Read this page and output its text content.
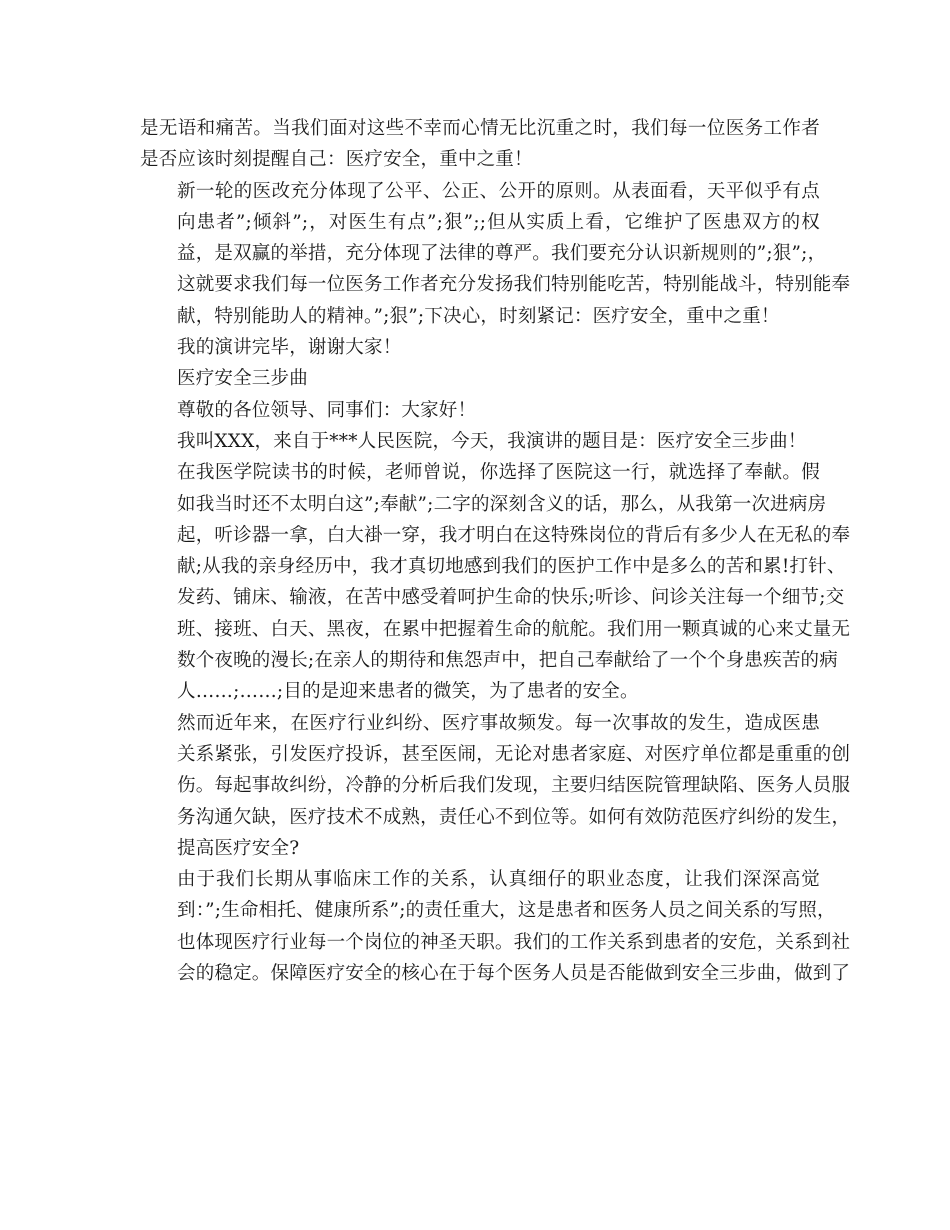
是无语和痛苦。当我们面对这些不幸而心情无比沉重之时，我们每一位医务工作者
是否应该时刻提醒自己：医疗安全，重中之重！
新一轮的医改充分体现了公平、公正、公开的原则。从表面看，天平似乎有点
向患者”;倾斜”;，对医生有点”;狠”;;但从实质上看，它维护了医患双方的权
益，是双赢的举措，充分体现了法律的尊严。我们要充分认识新规则的”;狠”;，
这就要求我们每一位医务工作者充分发扬我们特别能吃苦，特别能战斗，特别能奉
献，特别能助人的精神。”;狠”;下决心，时刻紧记：医疗安全，重中之重！
我的演讲完毕，谢谢大家！
医疗安全三步曲
尊敬的各位领导、同事们：大家好！
我叫XXX，来自于***人民医院，今天，我演讲的题目是：医疗安全三步曲！
在我医学院读书的时候，老师曾说，你选择了医院这一行，就选择了奉献。假
如我当时还不太明白这”;奉献”;二字的深刻含义的话，那么，从我第一次进病房
起，听诊器一拿，白大褂一穿，我才明白在这特殊岗位的背后有多少人在无私的奉
献;从我的亲身经历中，我才真切地感到我们的医护工作中是多么的苦和累!打针、
发药、铺床、输液，在苦中感受着呵护生命的快乐;听诊、问诊关注每一个细节;交
班、接班、白天、黑夜，在累中把握着生命的航舵。我们用一颗真诚的心来丈量无
数个夜晚的漫长;在亲人的期待和焦怨声中，把自己奉献给了一个个身患疾苦的病
人……;……;目的是迎来患者的微笑，为了患者的安全。
然而近年来，在医疗行业纠纷、医疗事故频发。每一次事故的发生，造成医患
关系紧张，引发医疗投诉，甚至医闹，无论对患者家庭、对医疗单位都是重重的创
伤。每起事故纠纷，冷静的分析后我们发现，主要归结医院管理缺陷、医务人员服
务沟通欠缺，医疗技术不成熟，责任心不到位等。如何有效防范医疗纠纷的发生，
提高医疗安全?
由于我们长期从事临床工作的关系，认真细仔的职业态度，让我们深深高觉
到：”;生命相托、健康所系”;的责任重大，这是患者和医务人员之间关系的写照，
也体现医疗行业每一个岗位的神圣天职。我们的工作关系到患者的安危，关系到社
会的稳定。保障医疗安全的核心在于每个医务人员是否能做到安全三步曲，做到了
